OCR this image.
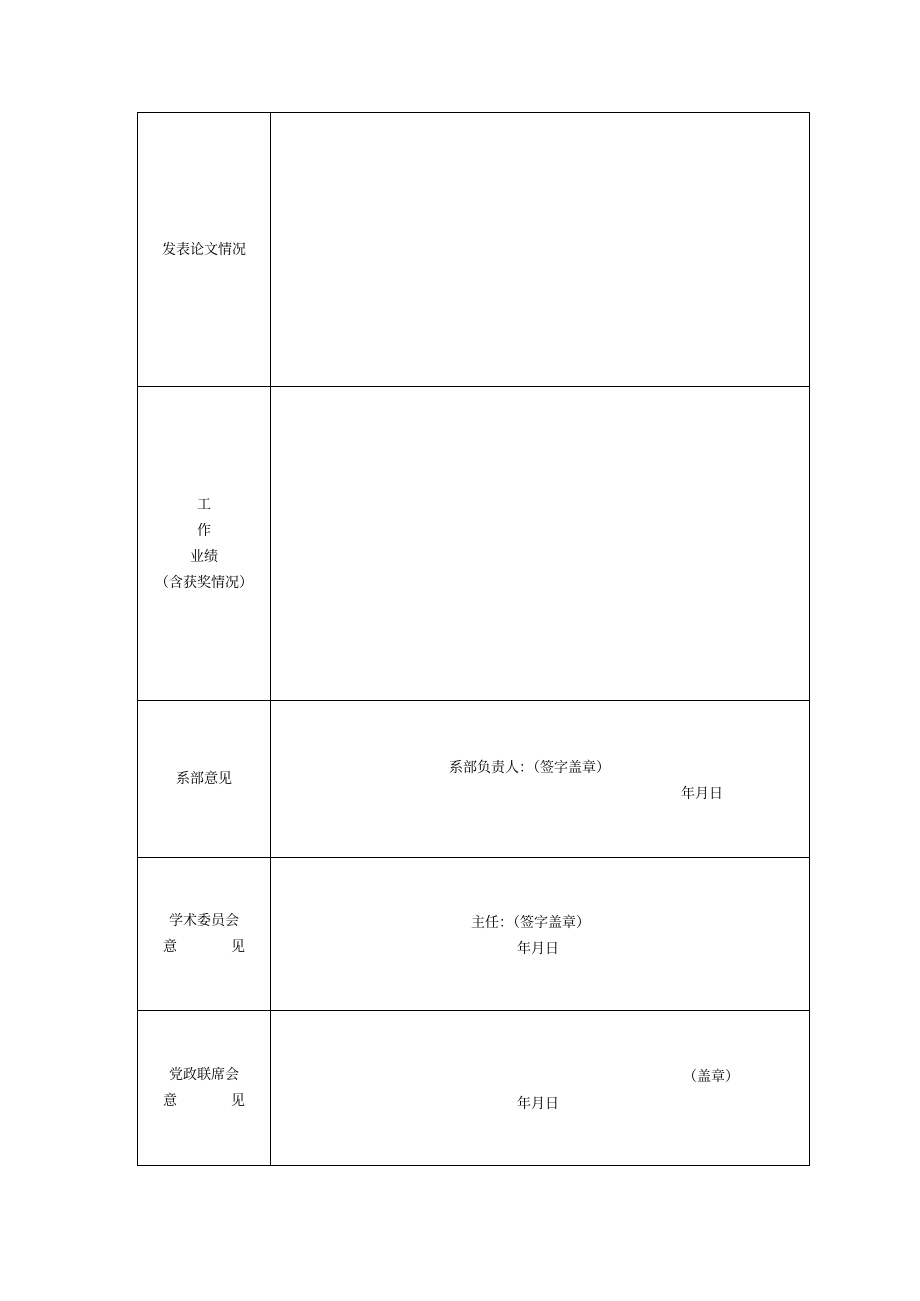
发表论文情况	

工
作
业绩
（含获奖情况）	

系部意见	系部负责人：（签字盖章）
年月日

学术委员会
意 见	主任：（签字盖章）
年月日

党政联席会
意 见	（盖章）
年月日
